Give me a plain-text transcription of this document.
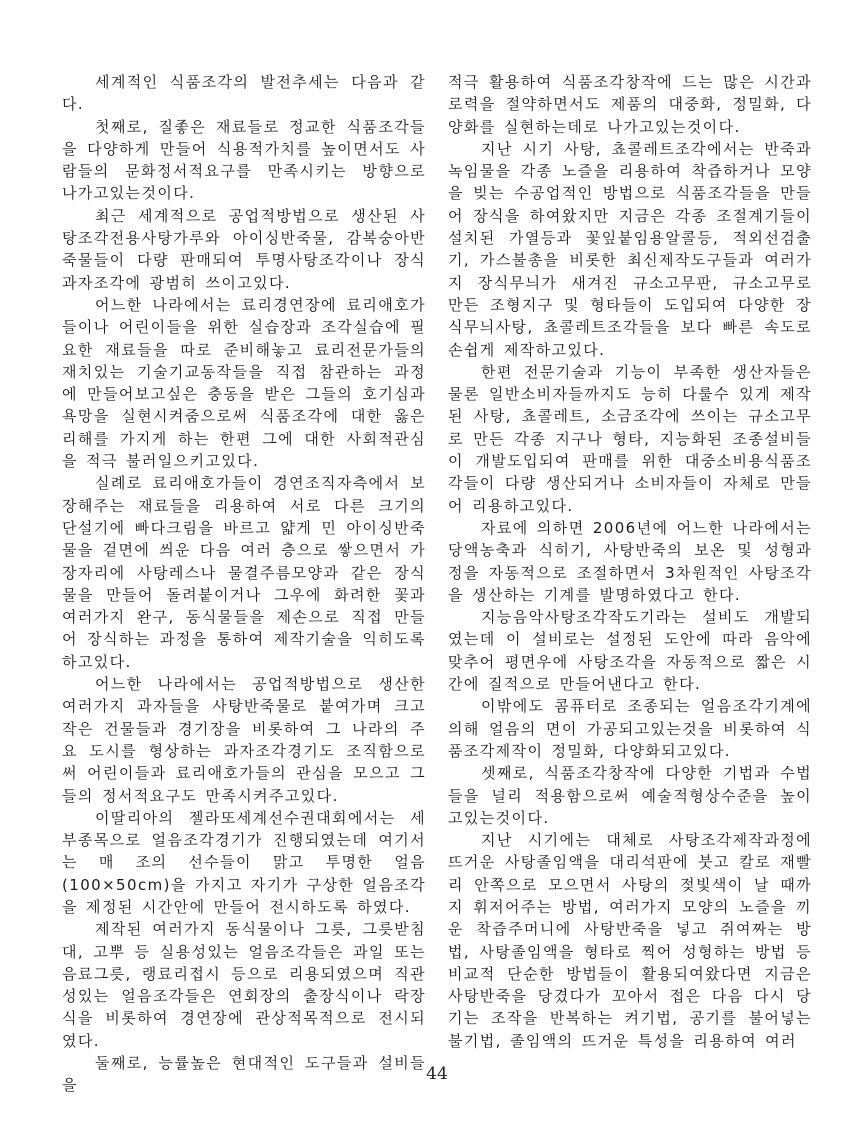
세계적인 식품조각의 발전추세는 다음과 같다.

첫째로, 질좋은 재료들로 정교한 식품조각들을 다양하게 만들어 식용적가치를 높이면서도 사람들의 문화정서적요구를 만족시키는 방향으로 나가고있는것이다.

최근 세계적으로 공업적방법으로 생산된 사탕조각전용사탕가루와 아이싱반죽물, 감복숭아반죽물들이 다량 판매되여 투명사탕조각이나 장식과자조각에 광범히 쓰이고있다.

어느한 나라에서는 료리경연장에 료리애호가들이나 어린이들을 위한 실습장과 조각실습에 필요한 재료들을 따로 준비해놓고 료리전문가들의 재치있는 기술기교동작들을 직접 참관하는 과정에 만들어보고싶은 충동을 받은 그들의 호기심과 욕망을 실현시켜줌으로써 식품조각에 대한 옳은 리해를 가지게 하는 한편 그에 대한 사회적관심을 적극 불러일으키고있다.

실례로 료리애호가들이 경연조직자측에서 보장해주는 재료들을 리용하여 서로 다른 크기의 단설기에 빠다크림을 바르고 얇게 민 아이싱반죽물을 겉면에 씌운 다음 여러 층으로 쌓으면서 가장자리에 사탕레스나 물결주름모양과 같은 장식물을 만들어 돌려붙이거나 그우에 화려한 꽃과 여러가지 완구, 동식물들을 제손으로 직접 만들어 장식하는 과정을 통하여 제작기술을 익히도록 하고있다.

어느한 나라에서는 공업적방법으로 생산한 여러가지 과자들을 사탕반죽물로 붙여가며 크고작은 건물들과 경기장을 비롯하여 그 나라의 주요 도시를 형상하는 과자조각경기도 조직함으로써 어린이들과 료리애호가들의 관심을 모으고 그들의 정서적요구도 만족시켜주고있다.

이딸리아의 젤라또세계선수권대회에서는 세부종목으로 얼음조각경기가 진행되였는데 여기서는 매 조의 선수들이 맑고 투명한 얼음(100×50cm)을 가지고 자기가 구상한 얼음조각을 제정된 시간안에 만들어 전시하도록 하였다.

제작된 여러가지 동식물이나 그릇, 그릇받침대, 고뿌 등 실용성있는 얼음조각들은 과일 또는 음료그릇, 랭료리접시 등으로 리용되였으며 직관성있는 얼음조각들은 연회장의 출장식이나 락장식을 비롯하여 경연장에 관상적목적으로 전시되였다.

둘째로, 능률높은 현대적인 도구들과 설비들을

적극 활용하여 식품조각창작에 드는 많은 시간과 로력을 절약하면서도 제품의 대중화, 정밀화, 다양화를 실현하는데로 나가고있는것이다.

지난 시기 사탕, 쵸콜레트조각에서는 반죽과 녹임물을 각종 노즐을 리용하여 착즙하거나 모양을 빚는 수공업적인 방법으로 식품조각들을 만들어 장식을 하여왔지만 지금은 각종 조절계기들이 설치된 가열등과 꽃잎붙임용알콜등, 적외선검출기, 가스불총을 비롯한 최신제작도구들과 여러가지 장식무늬가 새겨진 규소고무판, 규소고무로 만든 조형지구 및 형타들이 도입되여 다양한 장식무늬사탕, 쵸콜레트조각들을 보다 빠른 속도로 손쉽게 제작하고있다.

한편 전문기술과 기능이 부족한 생산자들은 물론 일반소비자들까지도 능히 다룰수 있게 제작된 사탕, 쵸콜레트, 소금조각에 쓰이는 규소고무로 만든 각종 지구나 형타, 지능화된 조종설비들이 개발도입되여 판매를 위한 대중소비용식품조각들이 다량 생산되거나 소비자들이 자체로 만들어 리용하고있다.

자료에 의하면 2006년에 어느한 나라에서는 당액농축과 식히기, 사탕반죽의 보온 및 성형과정을 자동적으로 조절하면서 3차원적인 사탕조각을 생산하는 기계를 발명하였다고 한다.

지능음악사탕조각작도기라는 설비도 개발되였는데 이 설비로는 설정된 도안에 따라 음악에 맞추어 평면우에 사탕조각을 자동적으로 짧은 시간에 질적으로 만들어낸다고 한다.

이밖에도 콤퓨터로 조종되는 얼음조각기계에 의해 얼음의 면이 가공되고있는것을 비롯하여 식품조각제작이 정밀화, 다양화되고있다.

셋째로, 식품조각창작에 다양한 기법과 수법들을 널리 적용함으로써 예술적형상수준을 높이고있는것이다.

지난 시기에는 대체로 사탕조각제작과정에 뜨거운 사탕졸임액을 대리석판에 붓고 칼로 재빨리 안쪽으로 모으면서 사탕의 젖빛색이 날 때까지 휘저어주는 방법, 여러가지 모양의 노즐을 끼운 착즙주머니에 사탕반죽을 넣고 쥐여짜는 방법, 사탕졸임액을 형타로 찍어 성형하는 방법 등 비교적 단순한 방법들이 활용되여왔다면 지금은 사탕반죽을 당겼다가 꼬아서 접은 다음 다시 당기는 조작을 반복하는 켜기법, 공기를 불어넣는 불기법, 졸임액의 뜨거운 특성을 리용하여 여러

44
